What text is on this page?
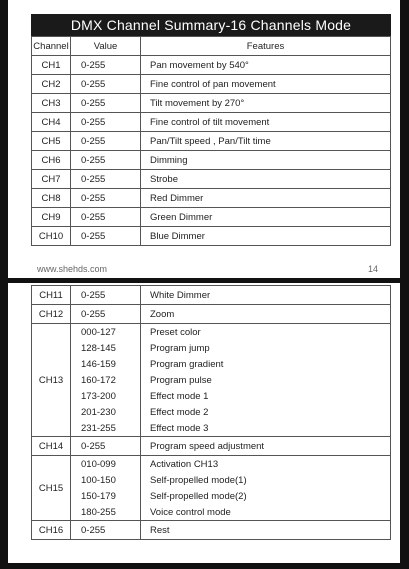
DMX Channel Summary-16 Channels Mode
Channel	Value	Features
CH1	0-255	Pan movement by 540°
CH2	0-255	Fine control of pan movement
CH3	0-255	Tilt movement by 270°
CH4	0-255	Fine control of tilt movement
CH5	0-255	Pan/Tilt speed , Pan/Tilt time
CH6	0-255	Dimming
CH7	0-255	Strobe
CH8	0-255	Red Dimmer
CH9	0-255	Green Dimmer
CH10	0-255	Blue Dimmer
www.shehds.com	14
CH11	0-255	White Dimmer
CH12	0-255	Zoom
CH13	000-127	Preset color
	128-145	Program jump
	146-159	Program gradient
	160-172	Program pulse
	173-200	Effect mode 1
	201-230	Effect mode 2
	231-255	Effect mode 3
CH14	0-255	Program speed adjustment
CH15	010-099	Activation CH13
	100-150	Self-propelled mode(1)
	150-179	Self-propelled mode(2)
	180-255	Voice control mode
CH16	0-255	Rest
